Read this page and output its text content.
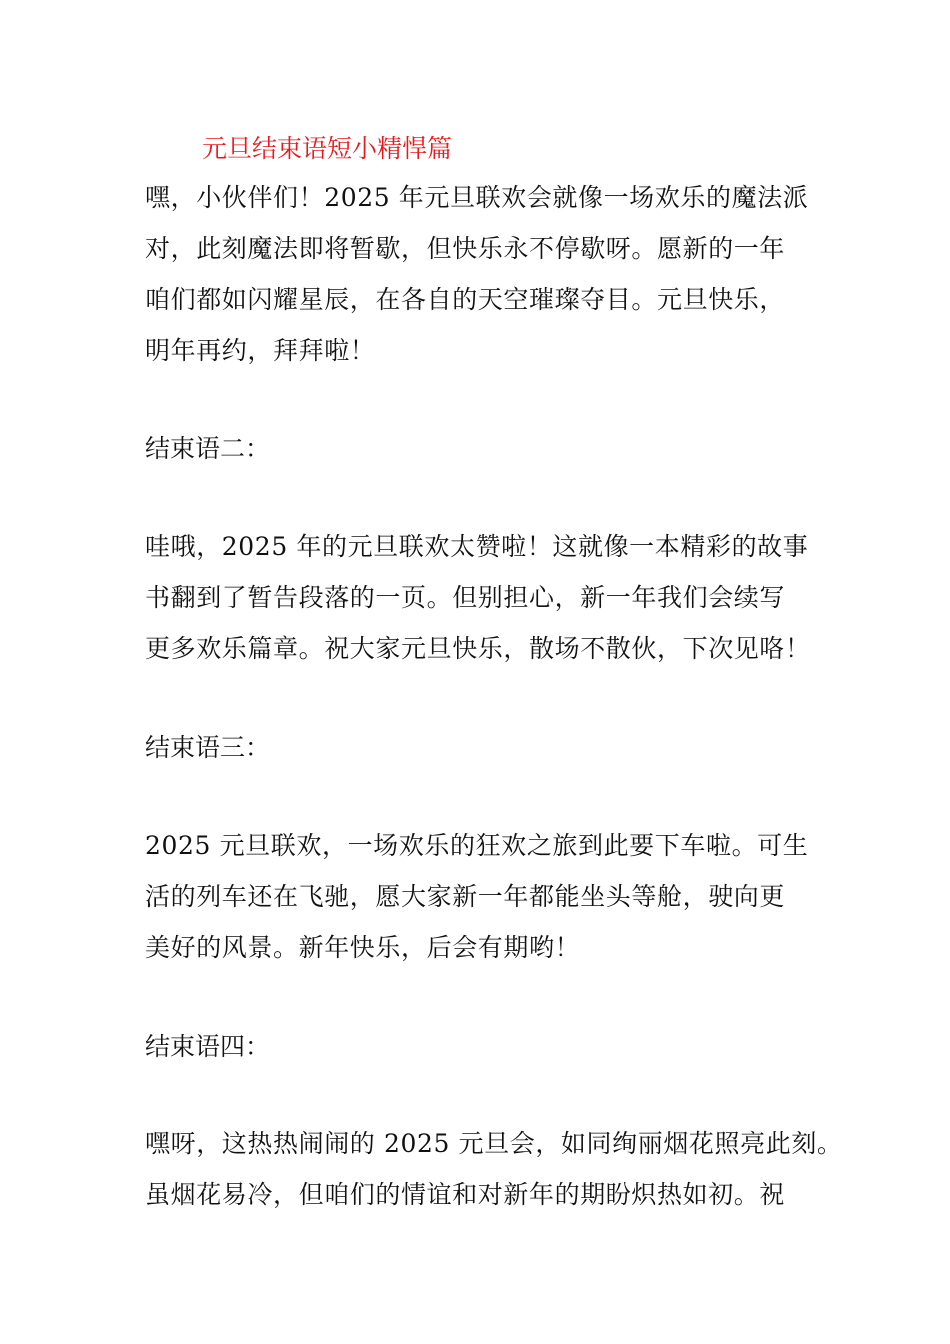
元旦结束语短小精悍篇
嘿，小伙伴们！2025 年元旦联欢会就像一场欢乐的魔法派
对，此刻魔法即将暂歇，但快乐永不停歇呀。愿新的一年
咱们都如闪耀星辰，在各自的天空璀璨夺目。元旦快乐，
明年再约，拜拜啦！
结束语二：
哇哦，2025 年的元旦联欢太赞啦！这就像一本精彩的故事
书翻到了暂告段落的一页。但别担心，新一年我们会续写
更多欢乐篇章。祝大家元旦快乐，散场不散伙，下次见咯！
结束语三：
2025 元旦联欢，一场欢乐的狂欢之旅到此要下车啦。可生
活的列车还在飞驰，愿大家新一年都能坐头等舱，驶向更
美好的风景。新年快乐，后会有期哟！
结束语四：
嘿呀，这热热闹闹的 2025 元旦会，如同绚丽烟花照亮此刻。
虽烟花易冷，但咱们的情谊和对新年的期盼炽热如初。祝
